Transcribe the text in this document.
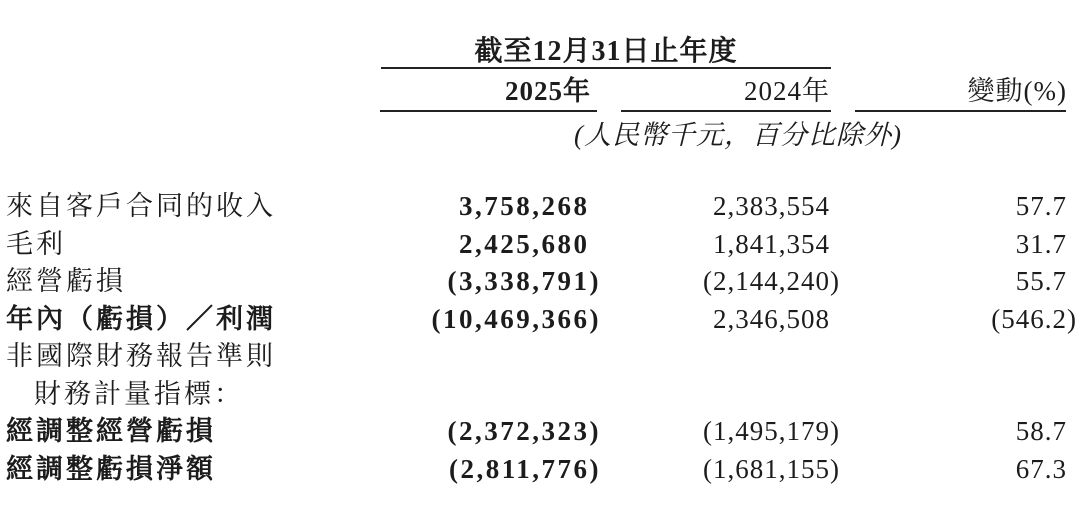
截至12月31日止年度
2025年	2024年	變動(%)
(人民幣千元，百分比除外)
來自客戶合同的收入	3,758,268	2,383,554	57.7
毛利	2,425,680	1,841,354	31.7
經營虧損	(3,338,791)	(2,144,240)	55.7
年內（虧損）／利潤	(10,469,366)	2,346,508	(546.2)
非國際財務報告準則
財務計量指標：
經調整經營虧損	(2,372,323)	(1,495,179)	58.7
經調整虧損淨額	(2,811,776)	(1,681,155)	67.3
